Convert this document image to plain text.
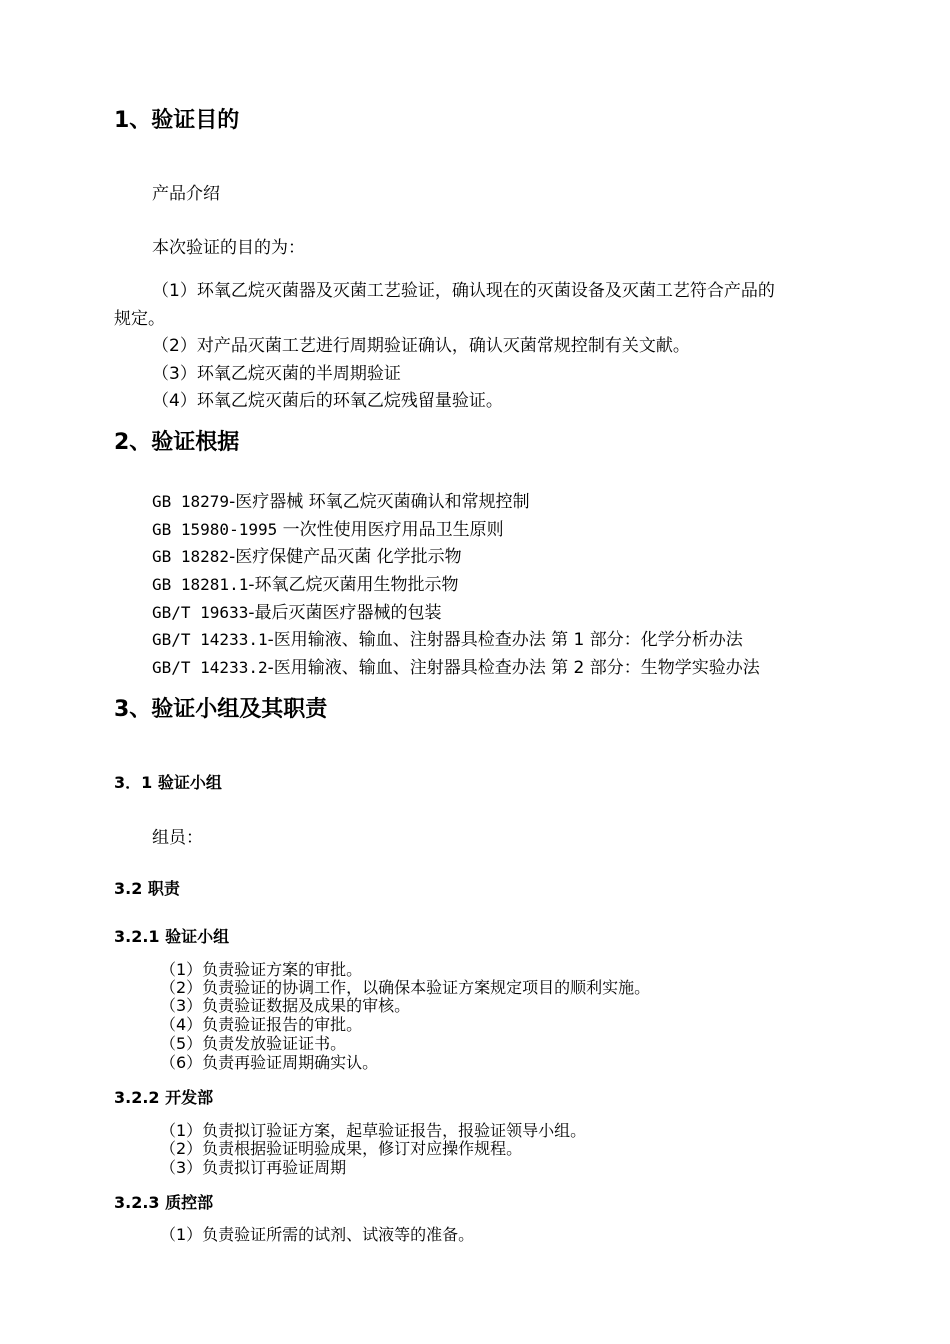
1、验证目的
产品介绍
本次验证的目的为：
（1）环氧乙烷灭菌器及灭菌工艺验证，确认现在的灭菌设备及灭菌工艺符合产品的
规定。
（2）对产品灭菌工艺进行周期验证确认，确认灭菌常规控制有关文献。
（3）环氧乙烷灭菌的半周期验证
（4）环氧乙烷灭菌后的环氧乙烷残留量验证。
2、验证根据
GB 18279-医疗器械 环氧乙烷灭菌确认和常规控制
GB 15980-1995 一次性使用医疗用品卫生原则
GB 18282-医疗保健产品灭菌 化学批示物
GB 18281.1-环氧乙烷灭菌用生物批示物
GB/T 19633-最后灭菌医疗器械的包装
GB/T 14233.1-医用输液、输血、注射器具检查办法 第 1 部分：化学分析办法
GB/T 14233.2-医用输液、输血、注射器具检查办法 第 2 部分：生物学实验办法
3、验证小组及其职责
3．1 验证小组
组员：
3.2 职责
3.2.1 验证小组
（1）负责验证方案的审批。
（2）负责验证的协调工作，以确保本验证方案规定项目的顺利实施。
（3）负责验证数据及成果的审核。
（4）负责验证报告的审批。
（5）负责发放验证证书。
（6）负责再验证周期确实认。
3.2.2 开发部
（1）负责拟订验证方案，起草验证报告，报验证领导小组。
（2）负责根据验证明验成果，修订对应操作规程。
（3）负责拟订再验证周期
3.2.3 质控部
（1）负责验证所需的试剂、试液等的准备。
